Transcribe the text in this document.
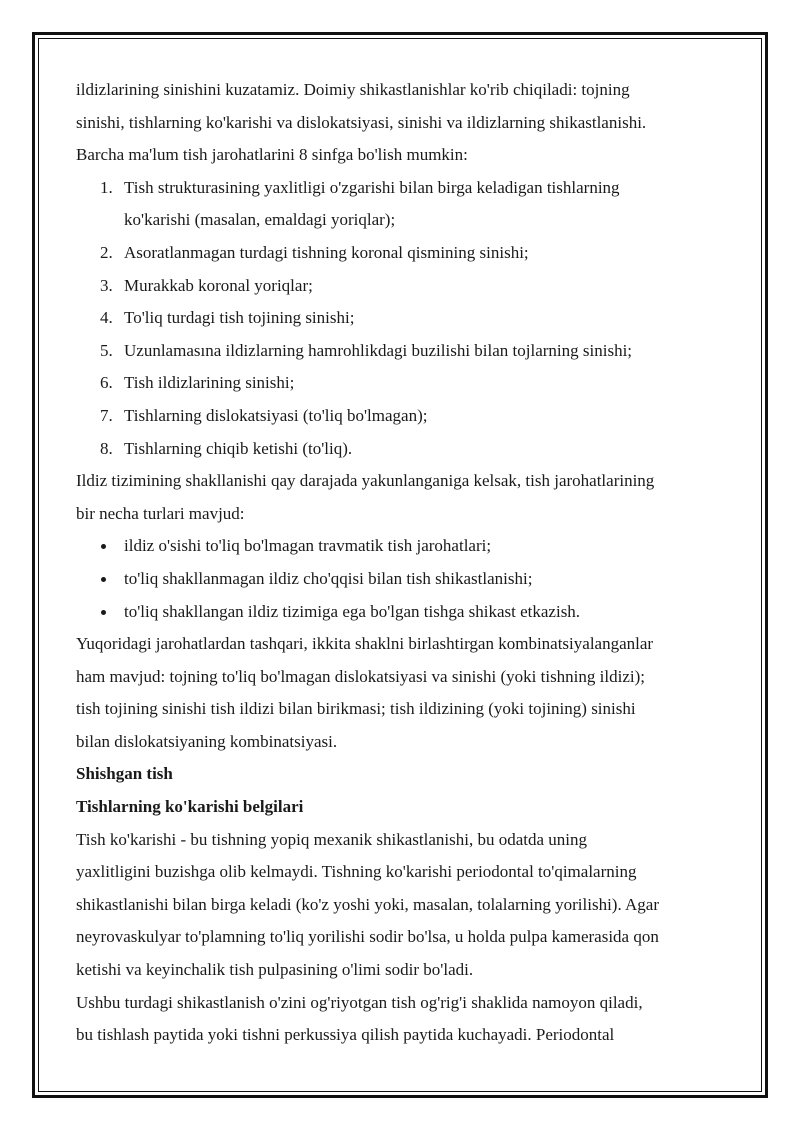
ildizlarining sinishini kuzatamiz. Doimiy shikastlanishlar ko'rib chiqiladi: tojning
sinishi, tishlarning ko'karishi va dislokatsiyasi, sinishi va ildizlarning shikastlanishi.
Barcha ma'lum tish jarohatlarini 8 sinfga bo'lish mumkin:
1. Tish strukturasining yaxlitligi o'zgarishi bilan birga keladigan tishlarning
ko'karishi (masalan, emaldagi yoriqlar);
2. Asoratlanmagan turdagi tishning koronal qismining sinishi;
3. Murakkab koronal yoriqlar;
4. To'liq turdagi tish tojining sinishi;
5. Uzunlamasına ildizlarning hamrohlikdagi buzilishi bilan tojlarning sinishi;
6. Tish ildizlarining sinishi;
7. Tishlarning dislokatsiyasi (to'liq bo'lmagan);
8. Tishlarning chiqib ketishi (to'liq).
Ildiz tizimining shakllanishi qay darajada yakunlanganiga kelsak, tish jarohatlarining
bir necha turlari mavjud:
ildiz o'sishi to'liq bo'lmagan travmatik tish jarohatlari;
to'liq shakllanmagan ildiz cho'qqisi bilan tish shikastlanishi;
to'liq shakllangan ildiz tizimiga ega bo'lgan tishga shikast etkazish.
Yuqoridagi jarohatlardan tashqari, ikkita shaklni birlashtirgan kombinatsiyalanganlar
ham mavjud: tojning to'liq bo'lmagan dislokatsiyasi va sinishi (yoki tishning ildizi);
tish tojining sinishi tish ildizi bilan birikmasi; tish ildizining (yoki tojining) sinishi
bilan dislokatsiyaning kombinatsiyasi.
Shishgan tish
Tishlarning ko'karishi belgilari
Tish ko'karishi - bu tishning yopiq mexanik shikastlanishi, bu odatda uning
yaxlitligini buzishga olib kelmaydi. Tishning ko'karishi periodontal to'qimalarning
shikastlanishi bilan birga keladi (ko'z yoshi yoki, masalan, tolalarning yorilishi). Agar
neyrovaskulyar to'plamning to'liq yorilishi sodir bo'lsa, u holda pulpa kamerasida qon
ketishi va keyinchalik tish pulpasining o'limi sodir bo'ladi.
Ushbu turdagi shikastlanish o'zini og'riyotgan tish og'rig'i shaklida namoyon qiladi,
bu tishlash paytida yoki tishni perkussiya qilish paytida kuchayadi. Periodontal
